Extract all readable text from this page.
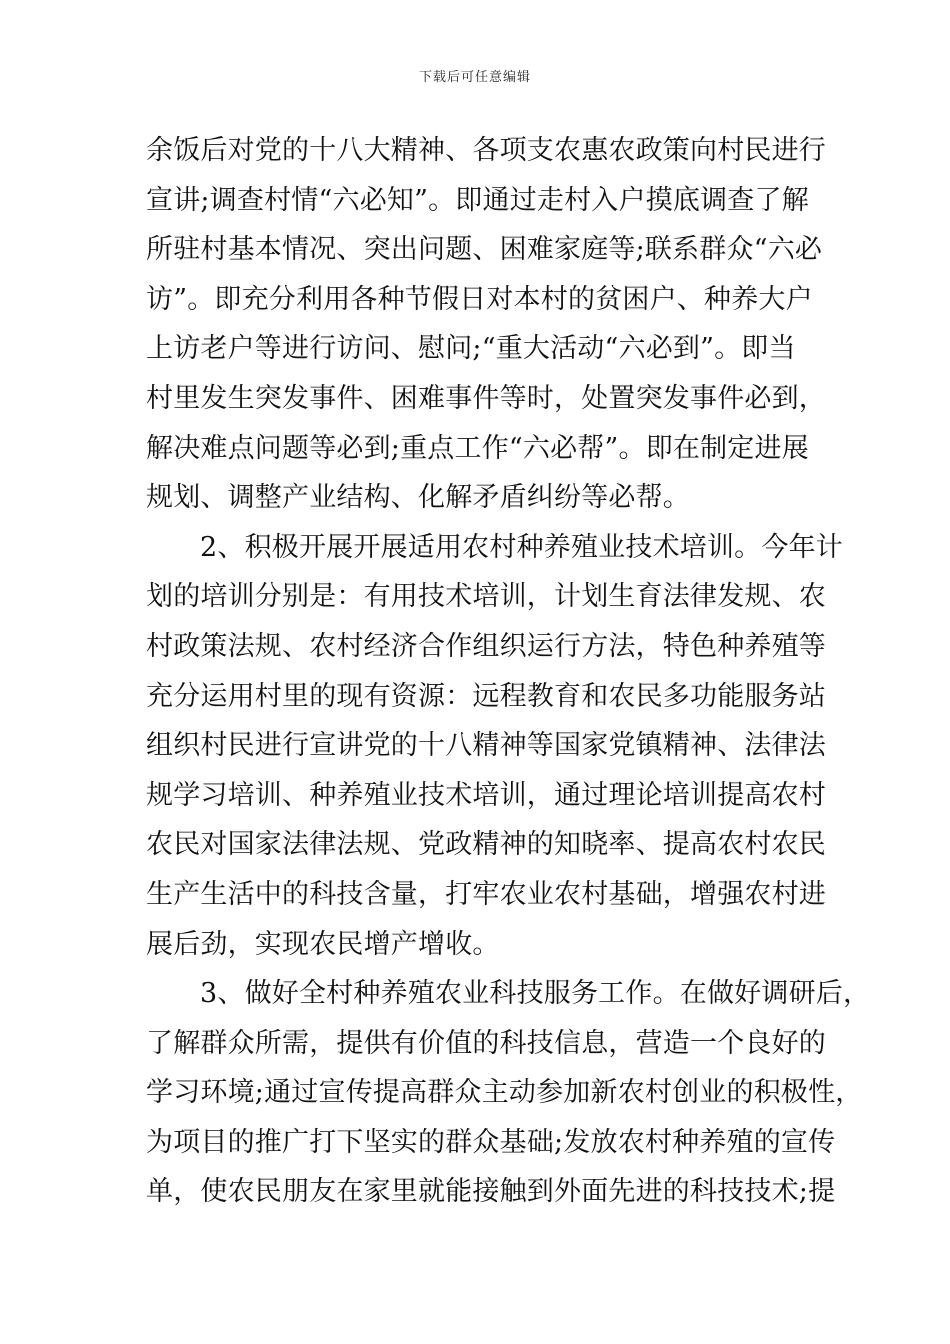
下载后可任意编辑
余饭后对党的十八大精神、各项支农惠农政策向村民进行
宣讲;调查村情“六必知”。即通过走村入户摸底调查了解
所驻村基本情况、突出问题、困难家庭等;联系群众“六必
访”。即充分利用各种节假日对本村的贫困户、种养大户
上访老户等进行访问、慰问;“重大活动“六必到”。即当
村里发生突发事件、困难事件等时，处置突发事件必到，
解决难点问题等必到;重点工作“六必帮”。即在制定进展
规划、调整产业结构、化解矛盾纠纷等必帮。
2、积极开展开展适用农村种养殖业技术培训。今年计
划的培训分别是：有用技术培训，计划生育法律发规、农
村政策法规、农村经济合作组织运行方法，特色种养殖等
充分运用村里的现有资源：远程教育和农民多功能服务站
组织村民进行宣讲党的十八精神等国家党镇精神、法律法
规学习培训、种养殖业技术培训，通过理论培训提高农村
农民对国家法律法规、党政精神的知晓率、提高农村农民
生产生活中的科技含量，打牢农业农村基础，增强农村进
展后劲，实现农民增产增收。
3、做好全村种养殖农业科技服务工作。在做好调研后，
了解群众所需，提供有价值的科技信息，营造一个良好的
学习环境;通过宣传提高群众主动参加新农村创业的积极性，
为项目的推广打下坚实的群众基础;发放农村种养殖的宣传
单，使农民朋友在家里就能接触到外面先进的科技技术;提
